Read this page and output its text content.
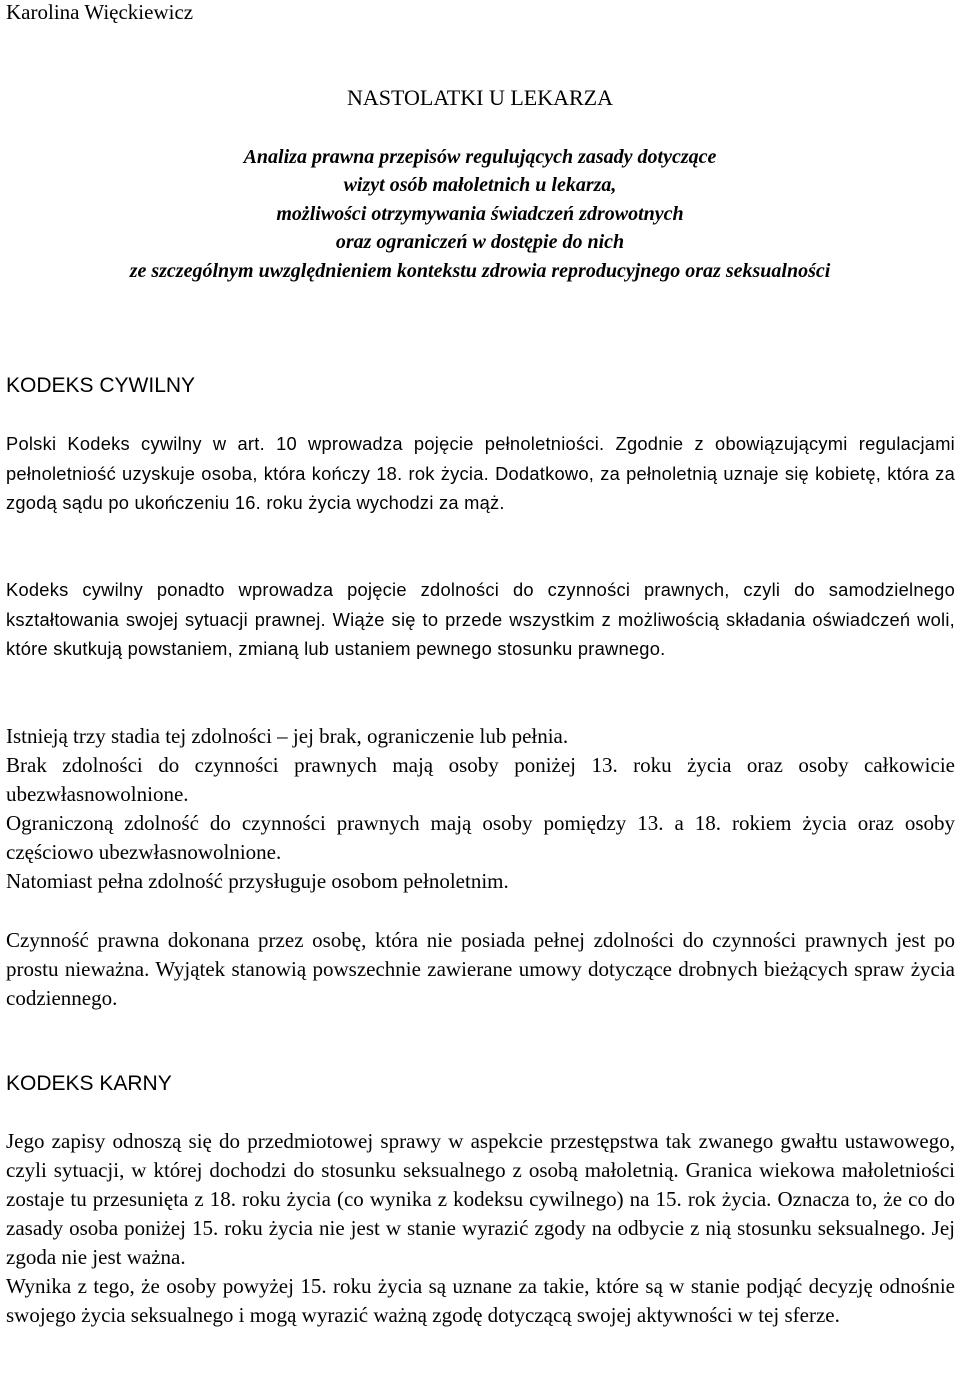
Karolina Więckiewicz
NASTOLATKI U LEKARZA
Analiza prawna przepisów regulujących zasady dotyczące
wizyt osób małoletnich u lekarza,
możliwości otrzymywania świadczeń zdrowotnych
oraz ograniczeń w dostępie do nich
ze szczególnym uwzględnieniem kontekstu zdrowia reproducyjnego oraz seksualności
KODEKS CYWILNY

Polski Kodeks cywilny w art. 10 wprowadza pojęcie pełnoletniości. Zgodnie z obowiązującymi regulacjami pełnoletniość uzyskuje osoba, która kończy 18. rok życia. Dodatkowo, za pełnoletnią uznaje się kobietę, która za zgodą sądu po ukończeniu 16. roku życia wychodzi za mąż.

Kodeks cywilny ponadto wprowadza pojęcie zdolności do czynności prawnych, czyli do samodzielnego kształtowania swojej sytuacji prawnej. Wiąże się to przede wszystkim z możliwością składania oświadczeń woli, które skutkują powstaniem, zmianą lub ustaniem pewnego stosunku prawnego.

Istnieją trzy stadia tej zdolności – jej brak, ograniczenie lub pełnia.

Brak zdolności do czynności prawnych mają osoby poniżej 13. roku życia oraz osoby całkowicie ubezwłasnowolnione.

Ograniczoną zdolność do czynności prawnych mają osoby pomiędzy 13. a 18. rokiem życia oraz osoby częściowo ubezwłasnowolnione.

Natomiast pełna zdolność przysługuje osobom pełnoletnim.

Czynność prawna dokonana przez osobę, która nie posiada pełnej zdolności do czynności prawnych jest po prostu nieważna. Wyjątek stanowią powszechnie zawierane umowy dotyczące drobnych bieżących spraw życia codziennego.

KODEKS KARNY

Jego zapisy odnoszą się do przedmiotowej sprawy w aspekcie przestępstwa tak zwanego gwałtu ustawowego, czyli sytuacji, w której dochodzi do stosunku seksualnego z osobą małoletnią. Granica wiekowa małoletniości zostaje tu przesunięta z 18. roku życia (co wynika z kodeksu cywilnego) na 15. rok życia. Oznacza to, że co do zasady osoba poniżej 15. roku życia nie jest w stanie wyrazić zgody na odbycie z nią stosunku seksualnego. Jej zgoda nie jest ważna.

Wynika z tego, że osoby powyżej 15. roku życia są uznane za takie, które są w stanie podjąć decyzję odnośnie swojego życia seksualnego i mogą wyrazić ważną zgodę dotyczącą swojej aktywności w tej sferze.
